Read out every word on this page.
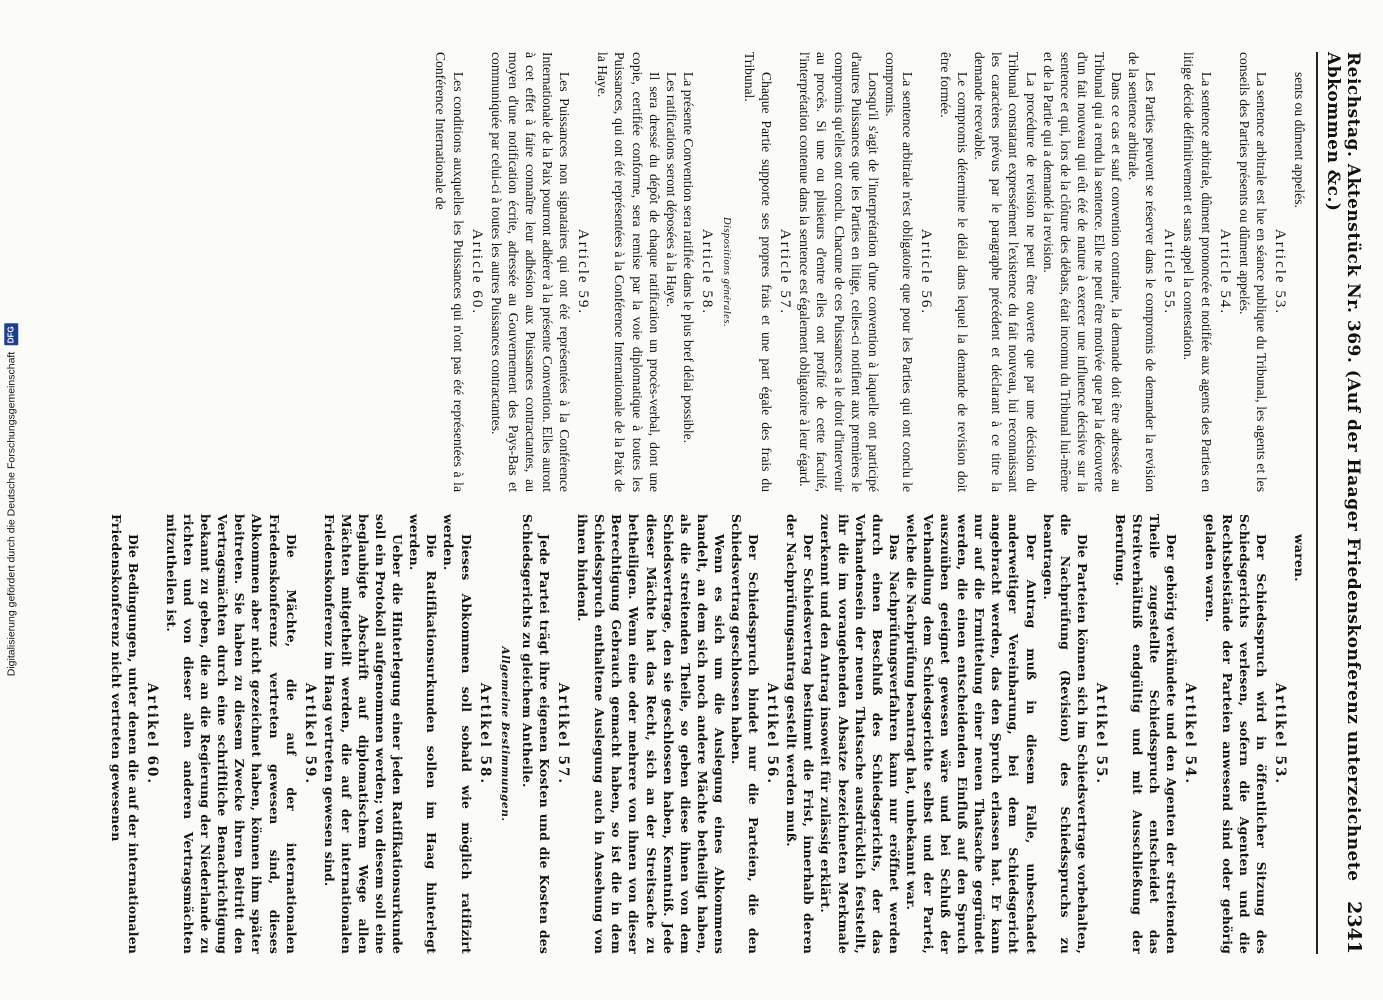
Reichstag. Aktenstück Nr. 369. (Auf der Haager Friedenskonferenz unterzeichnete Abkommen &c.)
2341
sents ou dûment appelés.
Article 53.
La sentence arbitrale est lue en séance publique du Tribunal, les agents et les conseils des Parties présents ou dûment appelés.
Article 54.
La sentence arbitrale, dûment prononcée et notifiée aux agents des Parties en litige décide définitivement et sans appel la contestation.
Article 55.
Les Parties peuvent se réserver dans le compromis de demander la revision de la sentence arbitrale.
Dans ce cas et sauf convention contraire, la demande doit être adressée au Tribunal qui a rendu la sentence. Elle ne peut être motivée que par la découverte d'un fait nouveau qui eût été de nature à exercer une influence décisive sur la sentence et qui, lors de la clôture des débats, était inconnu du Tribunal lui-même et de la Partie qui a demandé la revision.
La procédure de revision ne peut être ouverte que par une décision du Tribunal constatant expressément l'existence du fait nouveau, lui reconnaissant les caractères prévus par le paragraphe précédent et déclarant à ce titre la demande recevable.
Le compromis détermine le délai dans lequel la demande de revision doit être formée.
Article 56.
La sentence arbitrale n'est obligatoire que pour les Parties qui ont conclu le compromis.
Lorsqu'il s'agit de l'interprétation d'une convention à laquelle ont participé d'autres Puissances que les Parties en litige, celles-ci notifient aux premières le compromis qu'elles ont conclu. Chacune de ces Puissances a le droit d'intervenir au procès. Si une ou plusieurs d'entre elles ont profité de cette faculté, l'interprétation contenue dans la sentence est également obligatoire à leur égard.
Article 57.
Chaque Partie supporte ses propres frais et une part égale des frais du Tribunal.
Dispositions générales.
Article 58.
La présente Convention sera ratifiée dans le plus bref délai possible.
Les ratifications seront déposées à la Haye.
Il sera dressé du dépôt de chaque ratification un procès-verbal, dont une copie, certifiée conforme, sera remise par la voie diplomatique à toutes les Puissances, qui ont été représentées à la Conférence Internationale de la Paix de la Haye.
Article 59.
Les Puissances non signataires qui ont été représentées à la Conférence Internationale de la Paix pourront adhérer à la présente Convention. Elles auront à cet effet à faire connaître leur adhésion aux Puissances contractantes, au moyen d'une notification écrite, adressée au Gouvernement des Pays-Bas et communiquée par celui-ci à toutes les autres Puissances contractantes.
Article 60.
Les conditions auxquelles les Puissances qui n'ont pas été représentées à la Conférence Internationale de
waren.
Artikel 53.
Der Schiedsspruch wird in öffentlicher Sitzung des Schiedsgerichts verlesen, sofern die Agenten und die Rechtsbeistände der Parteien anwesend sind oder gehörig geladen waren.
Artikel 54.
Der gehörig verkündete und den Agenten der streitenden Theile zugestellte Schiedsspruch entscheidet das Streitverhältniß endgültig und mit Ausschließung der Berufung.
Artikel 55.
Die Parteien können sich im Schiedsvertrage vorbehalten, die Nachprüfung (Revision) des Schiedsspruchs zu beantragen.
Der Antrag muß in diesem Falle, unbeschadet anderweitiger Vereinbarung, bei dem Schiedsgericht angebracht werden, das den Spruch erlassen hat. Er kann nur auf die Ermittelung einer neuen Thatsache gegründet werden, die einen entscheidenden Einfluß auf den Spruch auszuüben geeignet gewesen wäre und bei Schluß der Verhandlung dem Schiedsgerichte selbst und der Partei, welche die Nachprüfung beantragt hat, unbekannt war.
Das Nachprüfungsverfahren kann nur eröffnet werden durch einen Beschluß des Schiedsgerichts, der das Vorhandensein der neuen Thatsache ausdrücklich feststellt, ihr die im vorangehenden Absatze bezeichneten Merkmale zuerkennt und den Antrag insoweit für zulässig erklärt.
Der Schiedsvertrag bestimmt die Frist, innerhalb deren der Nachprüfungsantrag gestellt werden muß.
Artikel 56.
Der Schiedsspruch bindet nur die Parteien, die den Schiedsvertrag geschlossen haben.
Wenn es sich um die Auslegung eines Abkommens handelt, an dem sich noch andere Mächte betheiligt haben, als die streitenden Theile, so geben diese ihnen von dem Schiedsvertrage, den sie geschlossen haben, Kenntniß. Jede dieser Mächte hat das Recht, sich an der Streitsache zu betheiligen. Wenn eine oder mehrere von ihnen von dieser Berechtigung Gebrauch gemacht haben, so ist die in dem Schiedsspruch enthaltene Auslegung auch in Ansehung von ihnen bindend.
Artikel 57.
Jede Partei trägt ihre eigenen Kosten und die Kosten des Schiedsgerichts zu gleichem Antheile.
Allgemeine Bestimmungen.
Artikel 58.
Dieses Abkommen soll sobald wie möglich ratifizirt werden.
Die Ratifikationsurkunden sollen im Haag hinterlegt werden.
Ueber die Hinterlegung einer jeden Ratifikationsurkunde soll ein Protokoll aufgenommen werden; von diesem soll eine beglaubigte Abschrift auf diplomatischem Wege allen Mächten mitgetheilt werden, die auf der internationalen Friedenskonferenz im Haag vertreten gewesen sind.
Artikel 59.
Die Mächte, die auf der internationalen Friedenskonferenz vertreten gewesen sind, dieses Abkommen aber nicht gezeichnet haben, können ihm später beitreten. Sie haben zu diesem Zwecke ihren Beitritt den Vertragsmächten durch eine schriftliche Benachrichtigung bekannt zu geben, die an die Regierung der Niederlande zu richten und von dieser allen anderen Vertragsmächten mitzutheilen ist.
Artikel 60.
Die Bedingungen, unter denen die auf der internationalen Friedenskonferenz nicht vertreten gewesenen
Digitalisierung gefördert durch die Deutsche Forschungsgemeinschaft
DFG
